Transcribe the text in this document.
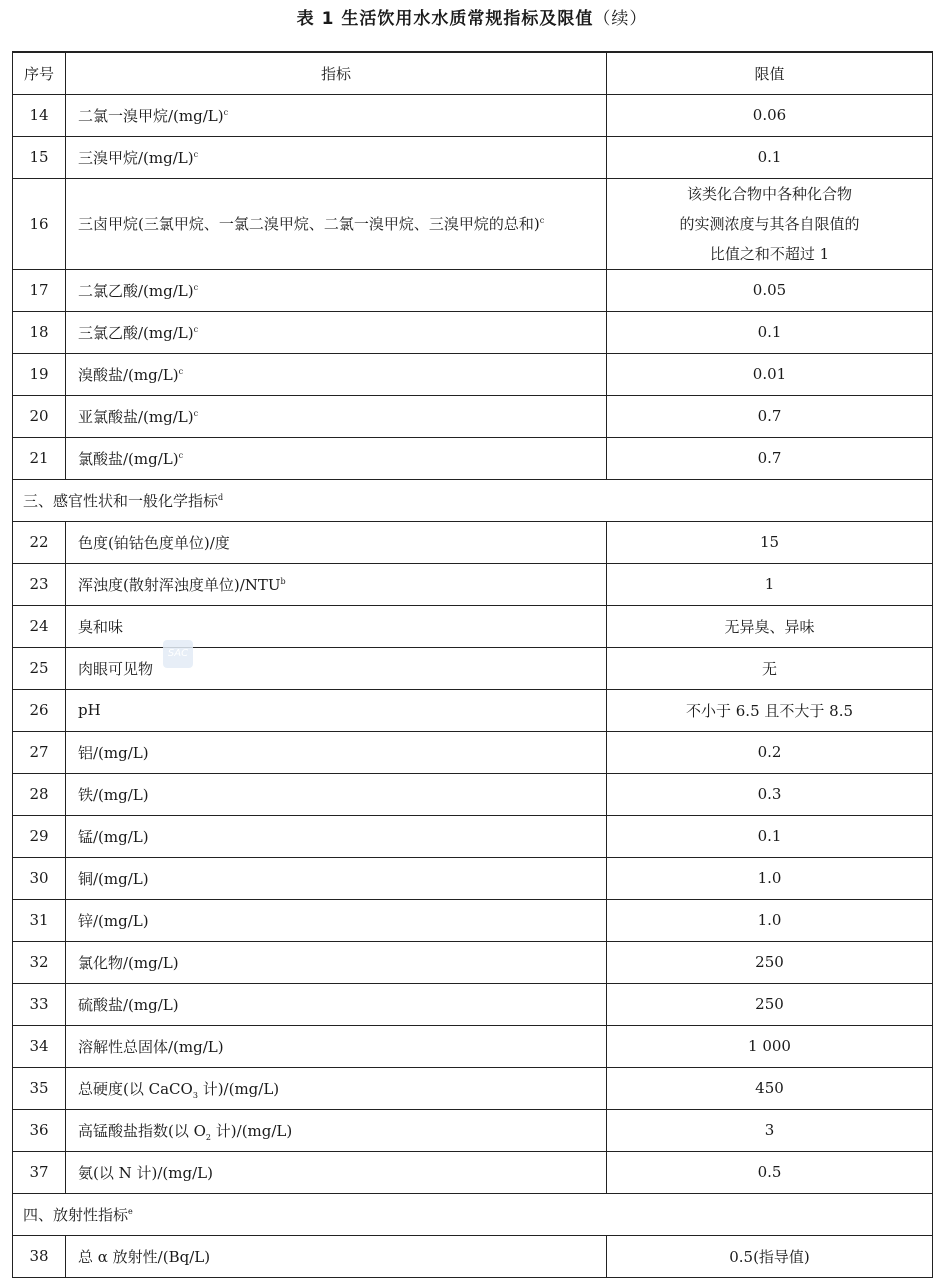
表 1 生活饮用水水质常规指标及限值（续）
序号	指标	限值
14	二氯一溴甲烷$/(mg/L)^c$	0.06
15	三溴甲烷$/(mg/L)^c$	0.1
16	三卤甲烷(三氯甲烷、一氯二溴甲烷、二氯一溴甲烷、三溴甲烷的总和)$^c$	该类化合物中各种化合物
的实测浓度与其各自限值的
比值之和不超过 1

17	二氯乙酸$/(mg/L)^c$	0.05
18	三氯乙酸$/(mg/L)^c$	0.1
19	溴酸盐$/(mg/L)^c$	0.01
20	亚氯酸盐$/(mg/L)^c$	0.7
21	氯酸盐$/(mg/L)^c$	0.7
三、感官性状和一般化学指标$^d$
22	色度(铂钴色度单位)/度	15
23	浑浊度(散射浑浊度单位)/NTU$^b$	1
24	臭和味	无异臭、异味
25	肉眼可见物	无
26	pH	不小于 6.5 且不大于 8.5
27	铝/(mg/L)	0.2
28	铁/(mg/L)	0.3
29	锰/(mg/L)	0.1
30	铜/(mg/L)	1.0
31	锌/(mg/L)	1.0
32	氯化物/(mg/L)	250
33	硫酸盐/(mg/L)	250
34	溶解性总固体/(mg/L)	1 000
35	总硬度(以 CaCO$_3$ 计)/(mg/L)	450
36	高锰酸盐指数(以 $O_2$ 计)/(mg/L)	3
37	氨(以 N 计)/(mg/L)	0.5
四、放射性指标$^e$
38	总 α 放射性/(Bq/L)	0.5(指导值)
SAC
